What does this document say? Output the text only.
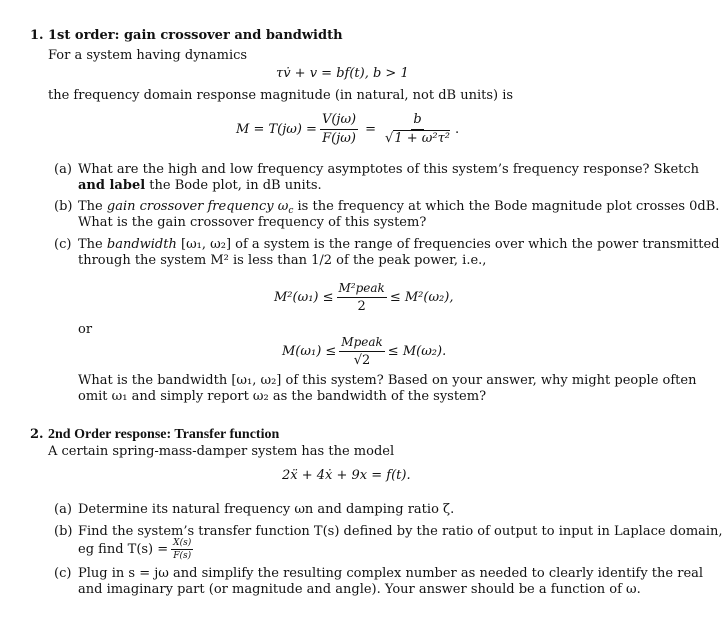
1. 1st order: gain crossover and bandwidth
For a system having dynamics
τv̇ + v = bf(t), b > 1
the frequency domain response magnitude (in natural, not dB units) is
$M = T(j\omega) = \frac{V(j\omega)}{F(j\omega)} = \frac{b}{\text{√1 + ω²τ²}}$ .
(a) What are the high and low frequency asymptotes of this system’s frequency response? Sketch
and label the Bode plot, in dB units.
(b) The gain crossover frequency $\omega_c$ is the frequency at which the Bode magnitude plot crosses 0dB.
What is the gain crossover frequency of this system?
(c) The bandwidth [ω₁, ω₂] of a system is the range of frequencies over which the power transmitted
through the system M² is less than 1/2 of the peak power, i.e.,
$M^2(\omega_1) \le \frac{\text{M²peak}}{2} \le M^2(\omega_2)$,
or
$M(\omega_1) \le \frac{\text{Mpeak}}{√2} \le M(\omega_2)$.
What is the bandwidth [ω₁, ω₂] of this system? Based on your answer, why might people often
omit ω₁ and simply report ω₂ as the bandwidth of the system?
2. 2nd Order response: Transfer function
A certain spring-mass-damper system has the model
2ẍ + 4ẋ + 9x = f(t).
(a) Determine its natural frequency ωn and damping ratio ζ.
(b) Find the system’s transfer function T(s) defined by the ratio of output to input in Laplace domain,
eg find $T(s) = \frac{X(s)}{F(s)}$
(c) Plug in s = jω and simplify the resulting complex number as needed to clearly identify the real
and imaginary part (or magnitude and angle). Your answer should be a function of ω.
